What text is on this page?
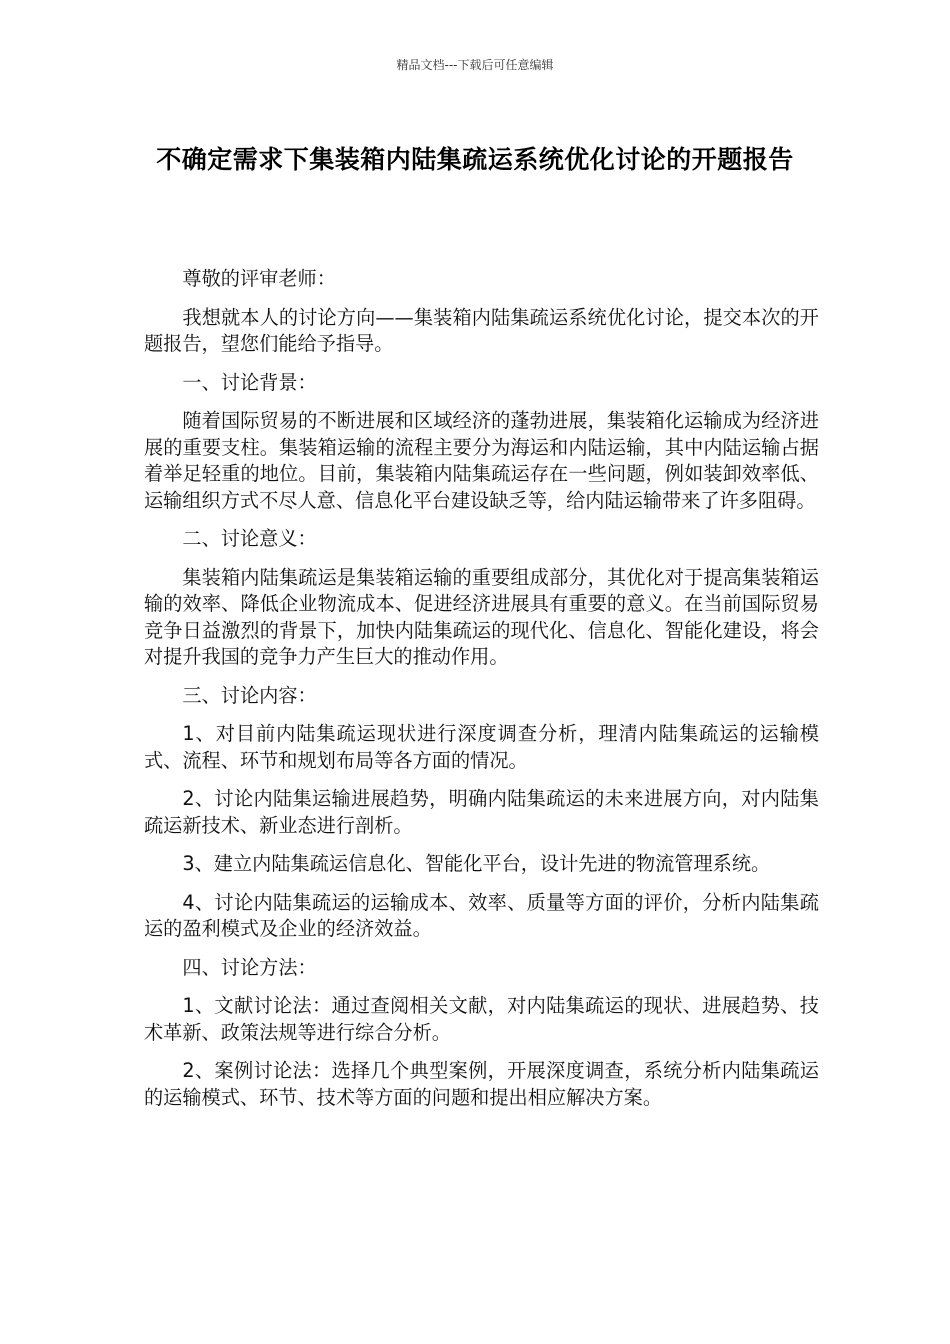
精品文档---下载后可任意编辑
不确定需求下集装箱内陆集疏运系统优化讨论的开题报告

尊敬的评审老师：

我想就本人的讨论方向——集装箱内陆集疏运系统优化讨论，提交本次的开题报告，望您们能给予指导。

一、讨论背景：

随着国际贸易的不断进展和区域经济的蓬勃进展，集装箱化运输成为经济进展的重要支柱。集装箱运输的流程主要分为海运和内陆运输，其中内陆运输占据着举足轻重的地位。目前，集装箱内陆集疏运存在一些问题，例如装卸效率低、运输组织方式不尽人意、信息化平台建设缺乏等，给内陆运输带来了许多阻碍。

二、讨论意义：

集装箱内陆集疏运是集装箱运输的重要组成部分，其优化对于提高集装箱运输的效率、降低企业物流成本、促进经济进展具有重要的意义。在当前国际贸易竞争日益激烈的背景下，加快内陆集疏运的现代化、信息化、智能化建设，将会对提升我国的竞争力产生巨大的推动作用。

三、讨论内容：

1、对目前内陆集疏运现状进行深度调查分析，理清内陆集疏运的运输模式、流程、环节和规划布局等各方面的情况。

2、讨论内陆集运输进展趋势，明确内陆集疏运的未来进展方向，对内陆集疏运新技术、新业态进行剖析。

3、建立内陆集疏运信息化、智能化平台，设计先进的物流管理系统。

4、讨论内陆集疏运的运输成本、效率、质量等方面的评价，分析内陆集疏运的盈利模式及企业的经济效益。

四、讨论方法：

1、文献讨论法：通过查阅相关文献，对内陆集疏运的现状、进展趋势、技术革新、政策法规等进行综合分析。

2、案例讨论法：选择几个典型案例，开展深度调查，系统分析内陆集疏运的运输模式、环节、技术等方面的问题和提出相应解决方案。
